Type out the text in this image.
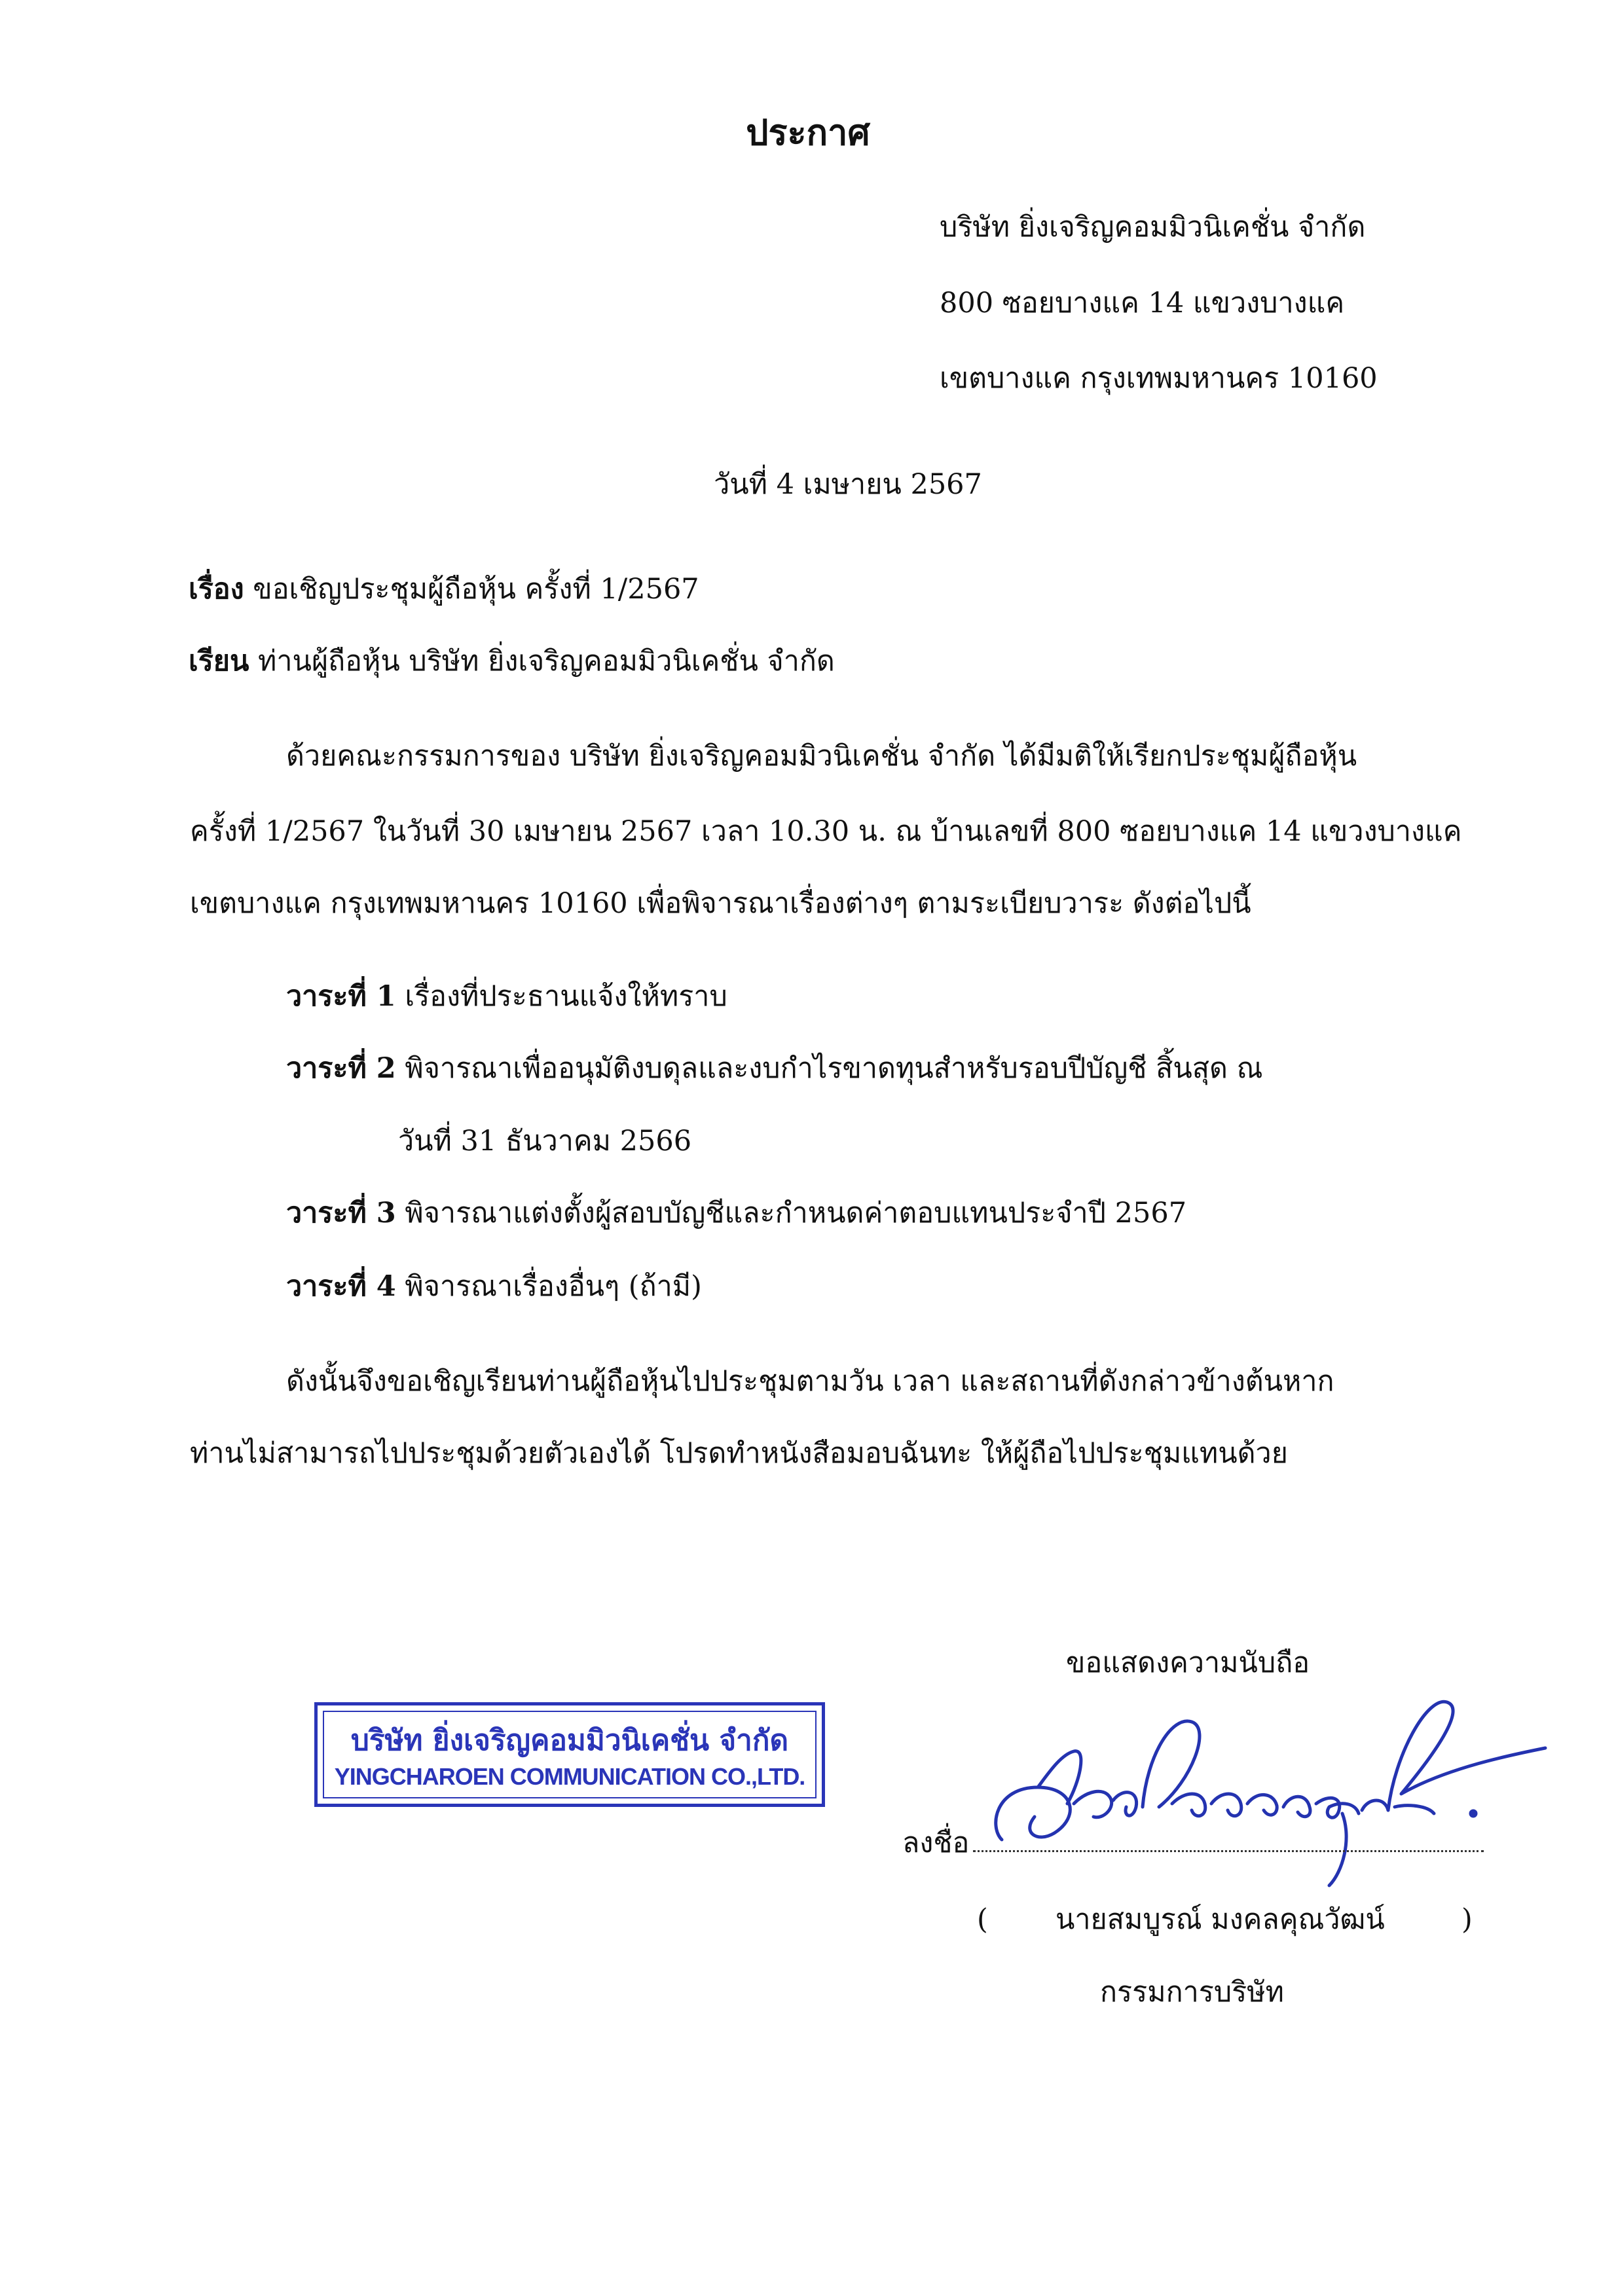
ประกาศ
บริษัท ยิ่งเจริญคอมมิวนิเคชั่น จำกัด
800 ซอยบางแค 14 แขวงบางแค
เขตบางแค กรุงเทพมหานคร 10160
วันที่ 4 เมษายน 2567
เรื่อง ขอเชิญประชุมผู้ถือหุ้น ครั้งที่ 1/2567
เรียน ท่านผู้ถือหุ้น บริษัท ยิ่งเจริญคอมมิวนิเคชั่น จำกัด
ด้วยคณะกรรมการของ บริษัท ยิ่งเจริญคอมมิวนิเคชั่น จำกัด ได้มีมติให้เรียกประชุมผู้ถือหุ้น
ครั้งที่ 1/2567 ในวันที่ 30 เมษายน 2567 เวลา 10.30 น. ณ บ้านเลขที่ 800 ซอยบางแค 14 แขวงบางแค
เขตบางแค กรุงเทพมหานคร 10160 เพื่อพิจารณาเรื่องต่างๆ ตามระเบียบวาระ ดังต่อไปนี้
วาระที่ 1 เรื่องที่ประธานแจ้งให้ทราบ
วาระที่ 2 พิจารณาเพื่ออนุมัติงบดุลและงบกำไรขาดทุนสำหรับรอบปีบัญชี สิ้นสุด ณ
วันที่ 31 ธันวาคม 2566
วาระที่ 3 พิจารณาแต่งตั้งผู้สอบบัญชีและกำหนดค่าตอบแทนประจำปี 2567
วาระที่ 4 พิจารณาเรื่องอื่นๆ (ถ้ามี)
ดังนั้นจึงขอเชิญเรียนท่านผู้ถือหุ้นไปประชุมตามวัน เวลา และสถานที่ดังกล่าวข้างต้นหาก
ท่านไม่สามารถไปประชุมด้วยตัวเองได้ โปรดทำหนังสือมอบฉันทะ ให้ผู้ถือไปประชุมแทนด้วย
ขอแสดงความนับถือ
บริษัท ยิ่งเจริญคอมมิวนิเคชั่น จำกัด
YINGCHAROEN COMMUNICATION CO.,LTD.
ลงชื่อ
( นายสมบูรณ์ มงคลคุณวัฒน์	)
กรรมการบริษัท
